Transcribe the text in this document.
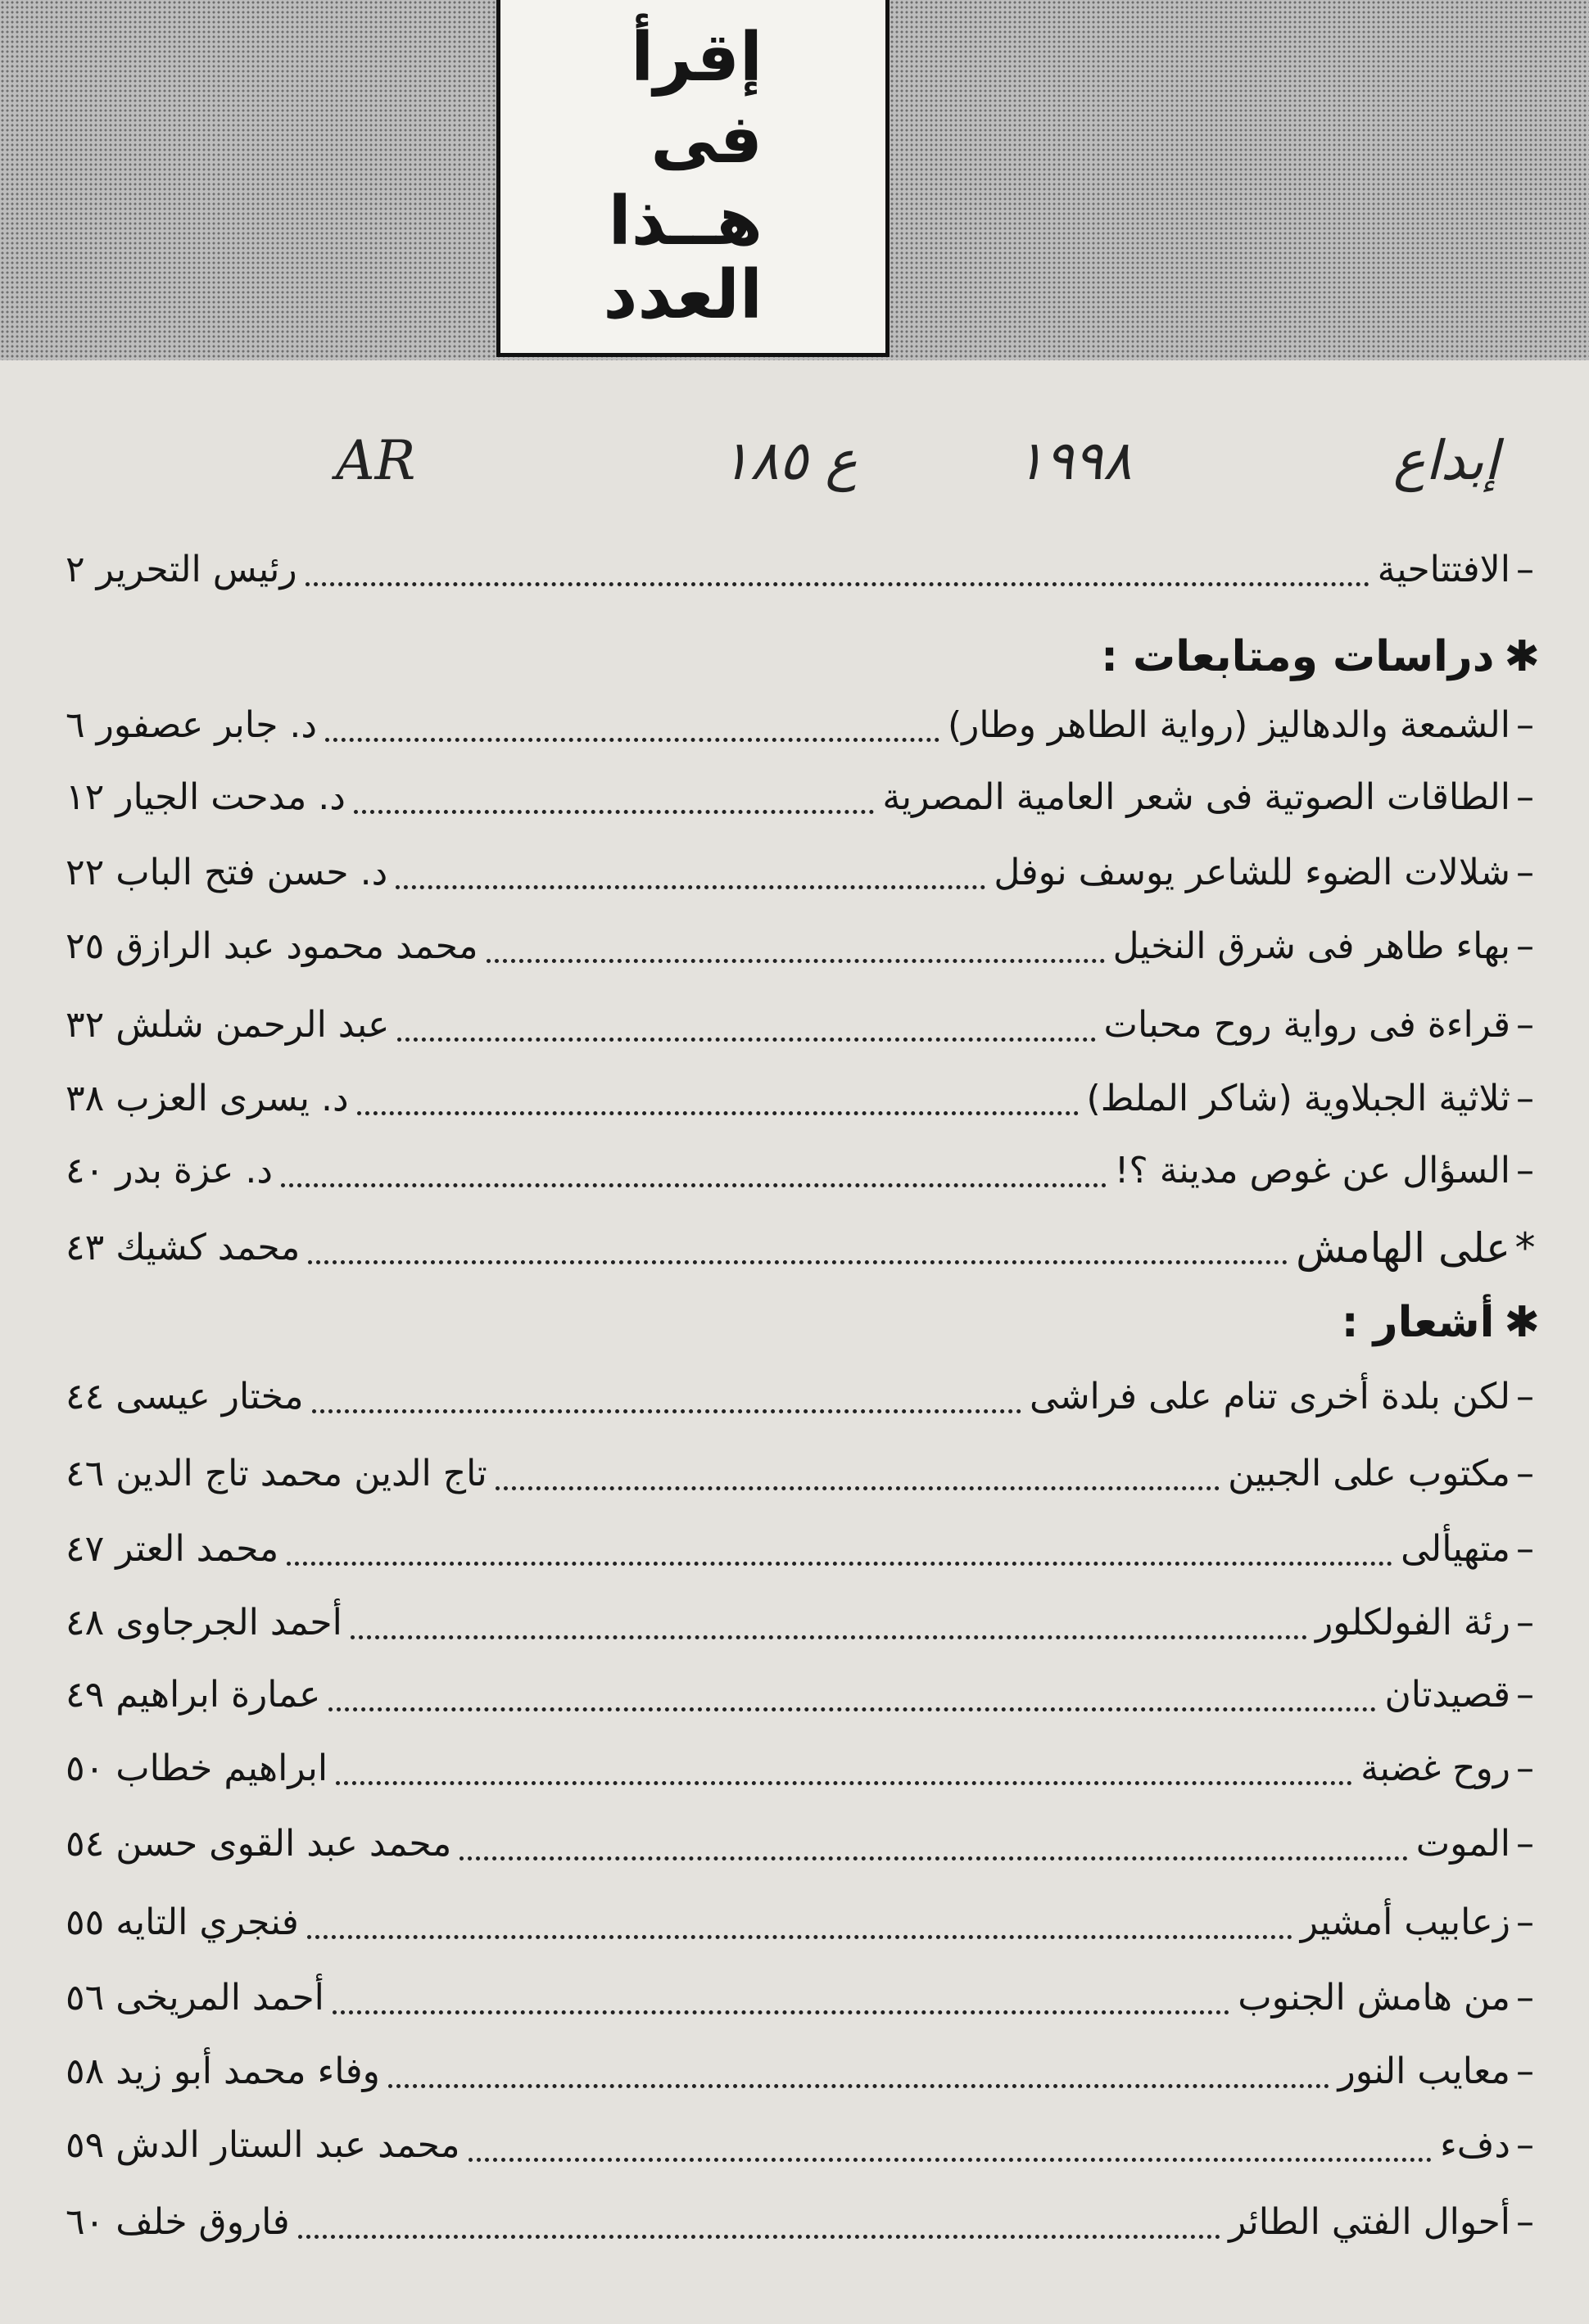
إقرأ
فى
هــذا
العدد
إبداع
١٩٩٨
ع ١٨٥
AR
–
الافتتاحية
رئيس التحرير ٢
✱
دراسات ومتابعات :
–
الشمعة والدهاليز (رواية الطاهر وطار)
د. جابر عصفور ٦
–
الطاقات الصوتية فى شعر العامية المصرية
د. مدحت الجيار ١٢
–
شلالات الضوء للشاعر يوسف نوفل
د. حسن فتح الباب ٢٢
–
بهاء طاهر فى شرق النخيل
محمد محمود عبد الرازق ٢٥
–
قراءة فى رواية روح محبات
عبد الرحمن شلش ٣٢
–
ثلاثية الجبلاوية (شاكر الملط)
د. يسرى العزب ٣٨
–
السؤال عن غوص مدينة ؟!
د. عزة بدر ٤٠
*
على الهامش
محمد كشيك ٤٣
✱
أشعار :
–
لكن بلدة أخرى تنام على فراشى
مختار عيسى ٤٤
–
مكتوب على الجبين
تاج الدين محمد تاج الدين ٤٦
–
متهيألى
محمد العتر ٤٧
–
رئة الفولكلور
أحمد الجرجاوى ٤٨
–
قصيدتان
عمارة ابراهيم ٤٩
–
روح غضبة
ابراهيم خطاب ٥٠
–
الموت
محمد عبد القوى حسن ٥٤
–
زعابيب أمشير
فنجري التايه ٥٥
–
من هامش الجنوب
أحمد المريخى ٥٦
–
معايب النور
وفاء محمد أبو زيد ٥٨
–
دفء
محمد عبد الستار الدش ٥٩
–
أحوال الفتي الطائر
فاروق خلف ٦٠
